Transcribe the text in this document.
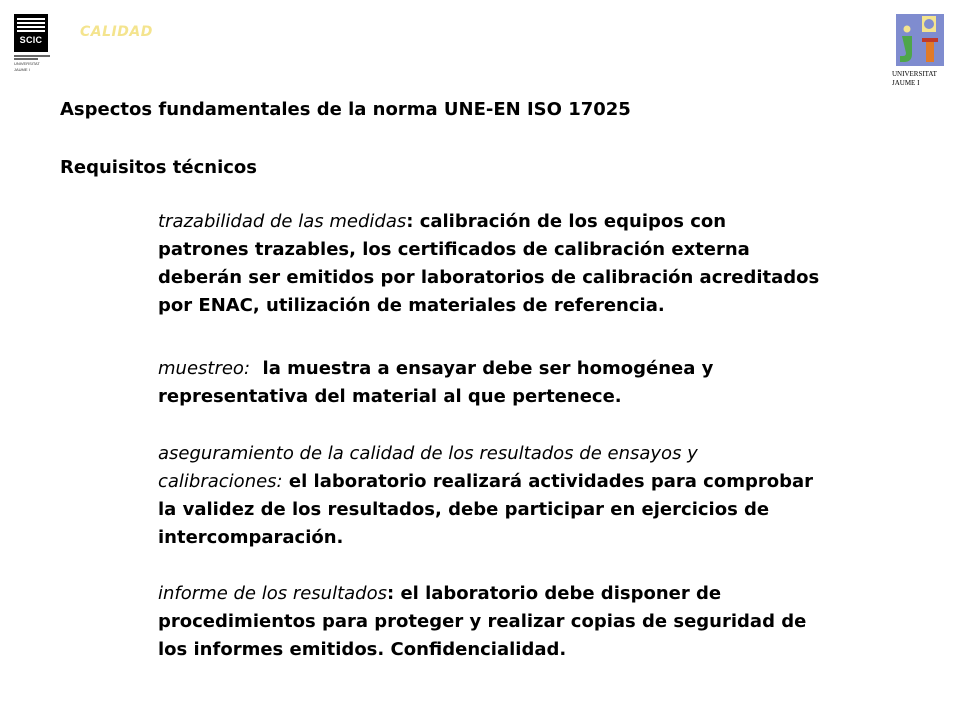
SCIC
UNIVERSITAT JAUME I
CALIDAD
UNIVERSITAT
JAUME I
Aspectos fundamentales de la norma UNE-EN ISO 17025
Requisitos técnicos
trazabilidad de las medidas: calibración de los equipos con
patrones trazables, los certificados de calibración externa
deberán ser emitidos por laboratorios de calibración acreditados
por ENAC, utilización de materiales de referencia.
muestreo:  la muestra a ensayar debe ser homogénea y
representativa del material al que pertenece.
aseguramiento de la calidad de los resultados de ensayos y
calibraciones: el laboratorio realizará actividades para comprobar
la validez de los resultados, debe participar en ejercicios de
intercomparación.
informe de los resultados: el laboratorio debe disponer de
procedimientos para proteger y realizar copias de seguridad de
los informes emitidos. Confidencialidad.
